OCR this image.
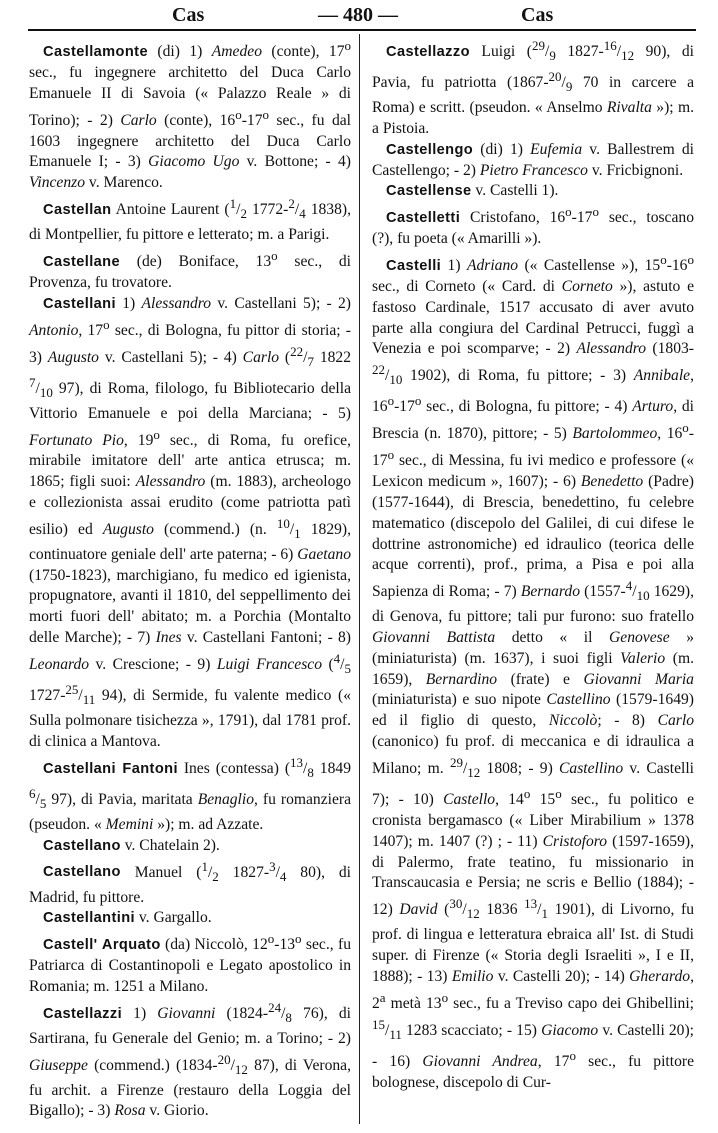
Cas	— 480 —	Cas

Castellamonte (di) 1) Amedeo (conte), 17$^o$ sec., fu ingegnere architetto del Duca Carlo Emanuele II di Savoia (« Palazzo Reale » di Torino); - 2) Carlo (conte), 16$^o$-17$^o$ sec., fu dal 1603 ingegnere architetto del Duca Carlo Emanuele I; - 3) Giacomo Ugo v. Bottone; - 4) Vincenzo v. Marenco.

Castellan Antoine Laurent ($^1/_2$ $1772-^2/_4$ 1838), di Montpellier, fu pittore e letterato; m. a Parigi.

Castellane (de) Boniface, 13$^o$ sec., di Provenza, fu trovatore.

Castellani 1) Alessandro v. Castellani 5); - 2) Antonio, 17$^o$ sec., di Bologna, fu pittor di storia; - 3) Augusto v. Castellani 5); - 4) Carlo ($^{22}/_7$ 1822 $^7/_{10}$ 97), di Roma, filologo, fu Bibliotecario della Vittorio Emanuele e poi della Marciana; - 5) Fortunato Pio, 19$^o$ sec., di Roma, fu orefice, mirabile imitatore dell' arte antica etrusca; m. 1865; figli suoi: Alessandro (m. 1883), archeologo e collezionista assai erudito (come patriotta patì esilio) ed Augusto (commend.) (n. $^{10}/_1$ 1829), continuatore geniale dell' arte paterna; - 6) Gaetano (1750-1823), marchigiano, fu medico ed igienista, propugnatore, avanti il 1810, del seppellimento dei morti fuori dell' abitato; m. a Porchia (Montalto delle Marche); - 7) Ines v. Castellani Fantoni; - 8) Leonardo v. Crescione; - 9) Luigi Francesco ($^4/_5$ $1727-^{25}/_{11}$ 94), di Sermide, fu valente medico (« Sulla polmonare tisichezza », 1791), dal 1781 prof. di clinica a Mantova.

Castellani Fantoni Ines (contessa) ($^{13}/_8$ 1849 $^6/_5$ 97), di Pavia, maritata Benaglio, fu romanziera (pseudon. « Memini »); m. ad Azzate.

Castellano v. Chatelain 2).

Castellano Manuel ($^1/_2$ $1827-^3/_4$ 80), di Madrid, fu pittore.

Castellantini v. Gargallo.

Castell' Arquato (da) Niccolò, 12$^o$-13$^o$ sec., fu Patriarca di Costantinopoli e Legato apostolico in Romania; m. 1251 a Milano.

Castellazzi 1) Giovanni ($1824-^{24}/_8$ 76), di Sartirana, fu Generale del Genio; m. a Torino; - 2) Giuseppe (commend.) ($1834-^{20}/_{12}$ 87), di Verona, fu archit. a Firenze (restauro della Loggia del Bigallo); - 3) Rosa v. Giorio.

Castellazzo Luigi ($^{29}/_9$ $1827-^{16}/_{12}$ 90), di Pavia, fu patriotta ($1867-^{20}/_9$ 70 in carcere a Roma) e scritt. (pseudon. « Anselmo Rivalta »); m. a Pistoia.

Castellengo (di) 1) Eufemia v. Ballestrem di Castellengo; - 2) Pietro Francesco v. Fricbignoni.

Castellense v. Castelli 1).

Castelletti Cristofano, 16$^o$-17$^o$ sec., toscano (?), fu poeta (« Amarilli »).

Castelli 1) Adriano (« Castellense »), 15$^o$-16$^o$ sec., di Corneto (« Card. di Corneto »), astuto e fastoso Cardinale, 1517 accusato di aver avuto parte alla congiura del Cardinal Petrucci, fuggì a Venezia e poi scomparve; - 2) Alessandro ($1803-^{22}/_{10}$ 1902), di Roma, fu pittore; - 3) Annibale, 16$^o$-17$^o$ sec., di Bologna, fu pittore; - 4) Arturo, di Brescia (n. 1870), pittore; - 5) Bartolommeo, 16$^o$-17$^o$ sec., di Messina, fu ivi medico e professore (« Lexicon medicum », 1607); - 6) Benedetto (Padre) (1577-1644), di Brescia, benedettino, fu celebre matematico (discepolo del Galilei, di cui difese le dottrine astronomiche) ed idraulico (teorica delle acque correnti), prof., prima, a Pisa e poi alla Sapienza di Roma; - 7) Bernardo ($1557-^4/_{10}$ 1629), di Genova, fu pittore; tali pur furono: suo fratello Giovanni Battista detto « il Genovese » (miniaturista) (m. 1637), i suoi figli Valerio (m. 1659), Bernardino (frate) e Giovanni Maria (miniaturista) e suo nipote Castellino (1579-1649) ed il figlio di questo, Niccolò; - 8) Carlo (canonico) fu prof. di meccanica e di idraulica a Milano; m. $^{29}/_{12}$ 1808; - 9) Castellino v. Castelli 7); - 10) Castello, 14$^o$ 15$^o$ sec., fu politico e cronista bergamasco (« Liber Mirabilium » 1378 1407); m. 1407 (?) ; - 11) Cristoforo (1597-1659), di Palermo, frate teatino, fu missionario in Transcaucasia e Persia; ne scris e Bellio (1884); - 12) David ($^{30}/_{12}$ 1836 $^{13}/_1$ 1901), di Livorno, fu prof. di lingua e letteratura ebraica all' Ist. di Studi super. di Firenze (« Storia degli Israeliti », I e II, 1888); - 13) Emilio v. Castelli 20); - 14) Gherardo, 2$^a$ metà 13$^o$ sec., fu a Treviso capo dei Ghibellini; $^{15}/_{11}$ 1283 scacciato; - 15) Giacomo v. Castelli 20); - 16) Giovanni Andrea, 17$^o$ sec., fu pittore bolognese, discepolo di Cur-
